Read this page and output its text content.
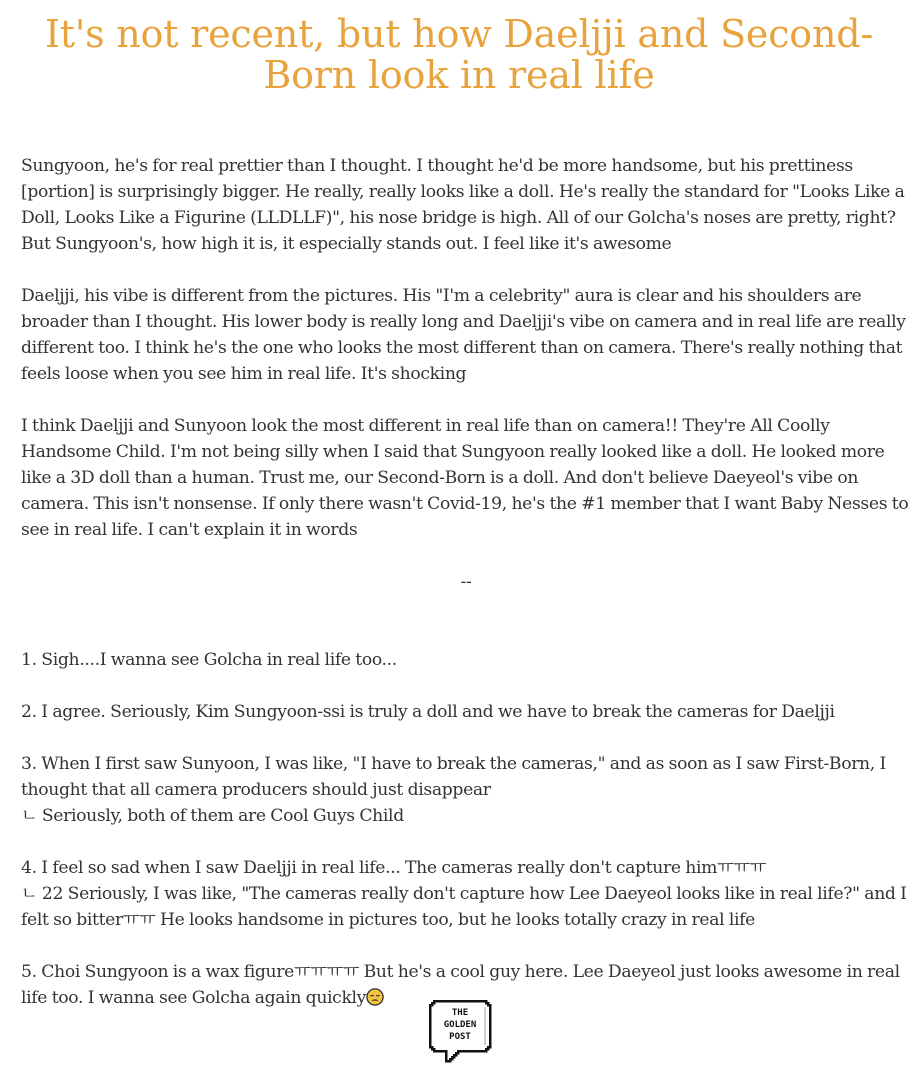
It's not recent, but how Daeljji and Second-Born look in real life

Sungyoon, he's for real prettier than I thought. I thought he'd be more handsome, but his prettiness [portion] is surprisingly bigger. He really, really looks like a doll. He's really the standard for "Looks Like a Doll, Looks Like a Figurine (LLDLLF)", his nose bridge is high. All of our Golcha's noses are pretty, right? But Sungyoon's, how high it is, it especially stands out. I feel like it's awesome

Daeljji, his vibe is different from the pictures. His "I'm a celebrity" aura is clear and his shoulders are broader than I thought. His lower body is really long and Daeljji's vibe on camera and in real life are really different too. I think he's the one who looks the most different than on camera. There's really nothing that feels loose when you see him in real life. It's shocking

I think Daeljji and Sunyoon look the most different in real life than on camera!! They're All Coolly Handsome Child. I'm not being silly when I said that Sungyoon really looked like a doll. He looked more like a 3D doll than a human. Trust me, our Second-Born is a doll. And don't believe Daeyeol's vibe on camera. This isn't nonsense. If only there wasn't Covid-19, he's the #1 member that I want Baby Nesses to see in real life. I can't explain it in words

--

1. Sigh....I wanna see Golcha in real life too...

2. I agree. Seriously, Kim Sungyoon-ssi is truly a doll and we have to break the cameras for Daeljji

3. When I first saw Sunyoon, I was like, "I have to break the cameras," and as soon as I saw First-Born, I thought that all camera producers should just disappear
ㄴ Seriously, both of them are Cool Guys Child

4. I feel so sad when I saw Daeljji in real life... The cameras really don't capture himㅠㅠㅠ
ㄴ 22 Seriously, I was like, "The cameras really don't capture how Lee Daeyeol looks like in real life?" and I felt so bitterㅠㅠ He looks handsome in pictures too, but he looks totally crazy in real life

5. Choi Sungyoon is a wax figureㅠㅠㅠㅠ But he's a cool guy here. Lee Daeyeol just looks awesome in real life too. I wanna see Golcha again quickly

THE
GOLDEN
POST
